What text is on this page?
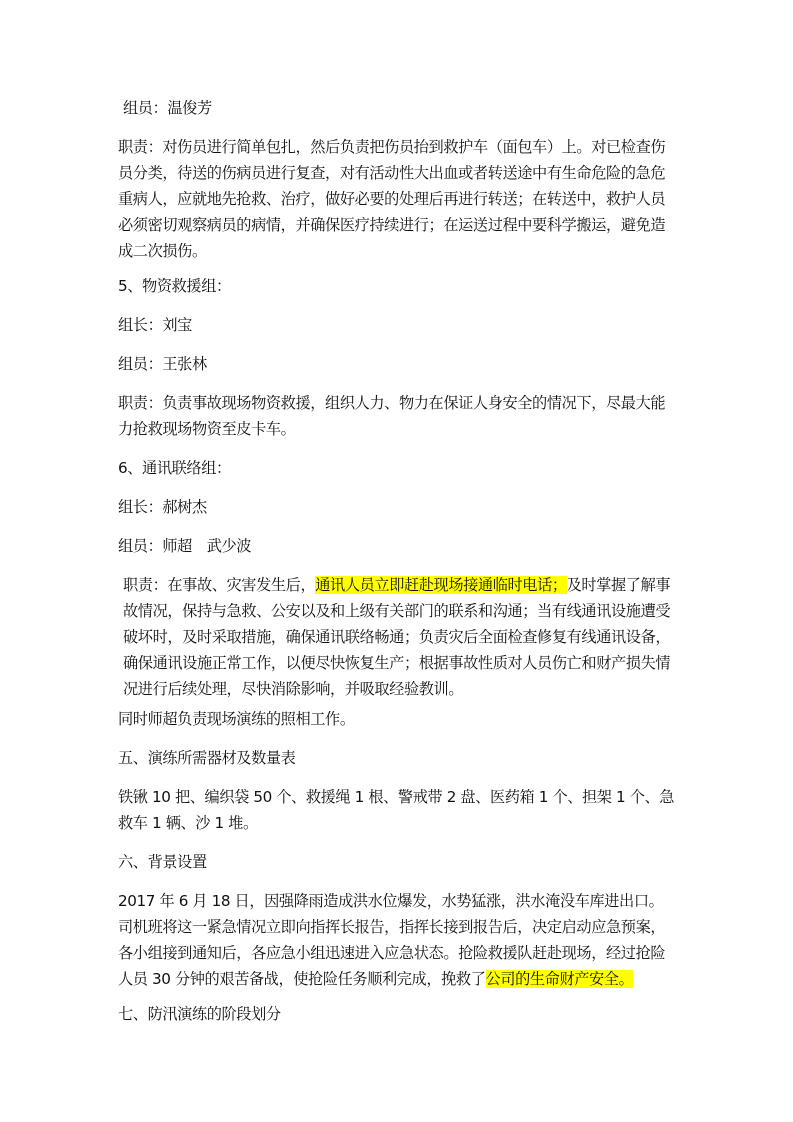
组员：温俊芳
职责：对伤员进行简单包扎，然后负责把伤员抬到救护车（面包车）上。对已检查伤员分类，待送的伤病员进行复查，对有活动性大出血或者转送途中有生命危险的急危重病人，应就地先抢救、治疗，做好必要的处理后再进行转送；在转送中，救护人员必须密切观察病员的病情，并确保医疗持续进行；在运送过程中要科学搬运，避免造成二次损伤。
5、物资救援组：
组长：刘宝
组员：王张林
职责：负责事故现场物资救援，组织人力、物力在保证人身安全的情况下，尽最大能力抢救现场物资至皮卡车。
6、通讯联络组：
组长：郝树杰
组员：师超　武少波
职责：在事故、灾害发生后，通讯人员立即赶赴现场接通临时电话；及时掌握了解事故情况，保持与急救、公安以及和上级有关部门的联系和沟通；当有线通讯设施遭受破坏时，及时采取措施，确保通讯联络畅通；负责灾后全面检查修复有线通讯设备，确保通讯设施正常工作，以便尽快恢复生产；根据事故性质对人员伤亡和财产损失情况进行后续处理，尽快消除影响，并吸取经验教训。
同时师超负责现场演练的照相工作。
五、演练所需器材及数量表
铁锹 10 把、编织袋 50 个、救援绳 1 根、警戒带 2 盘、医药箱 1 个、担架 1 个、急救车 1 辆、沙 1 堆。
六、背景设置
2017 年 6 月 18 日，因强降雨造成洪水位爆发，水势猛涨，洪水淹没车库进出口。司机班将这一紧急情况立即向指挥长报告，指挥长接到报告后，决定启动应急预案，各小组接到通知后，各应急小组迅速进入应急状态。抢险救援队赶赴现场，经过抢险人员 30 分钟的艰苦备战，使抢险任务顺利完成，挽救了公司的生命财产安全。
七、防汛演练的阶段划分
